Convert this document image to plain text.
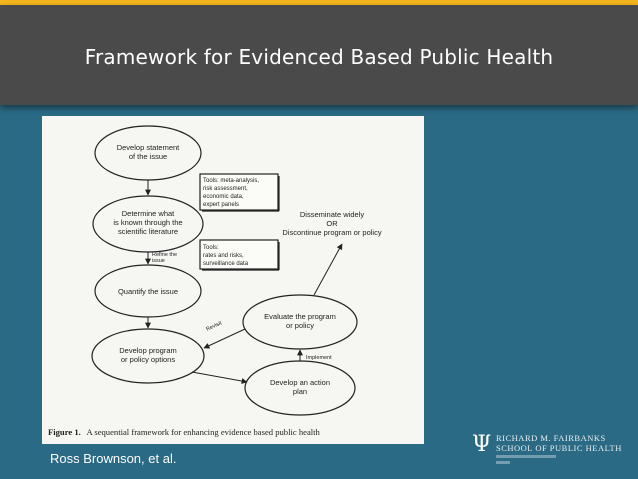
Framework for Evidenced Based Public Health
Develop statement
of the issue
Determine what
is known through the
scientific literature
Quantify the issue
Develop program
or policy options
Develop an action
plan
Evaluate the program
or policy
Tools: meta-analysis,
risk assessment,
economic data,
expert panels
Tools:
rates and risks,
surveillance data
Refine the
issue
Revisit
Implement
Disseminate widely
OR
Discontinue program or policy
Figure 1. A sequential framework for enhancing evidence based public health
Ross Brownson, et al.
Ψ RICHARD M. FAIRBANKS
SCHOOL OF PUBLIC HEALTH
